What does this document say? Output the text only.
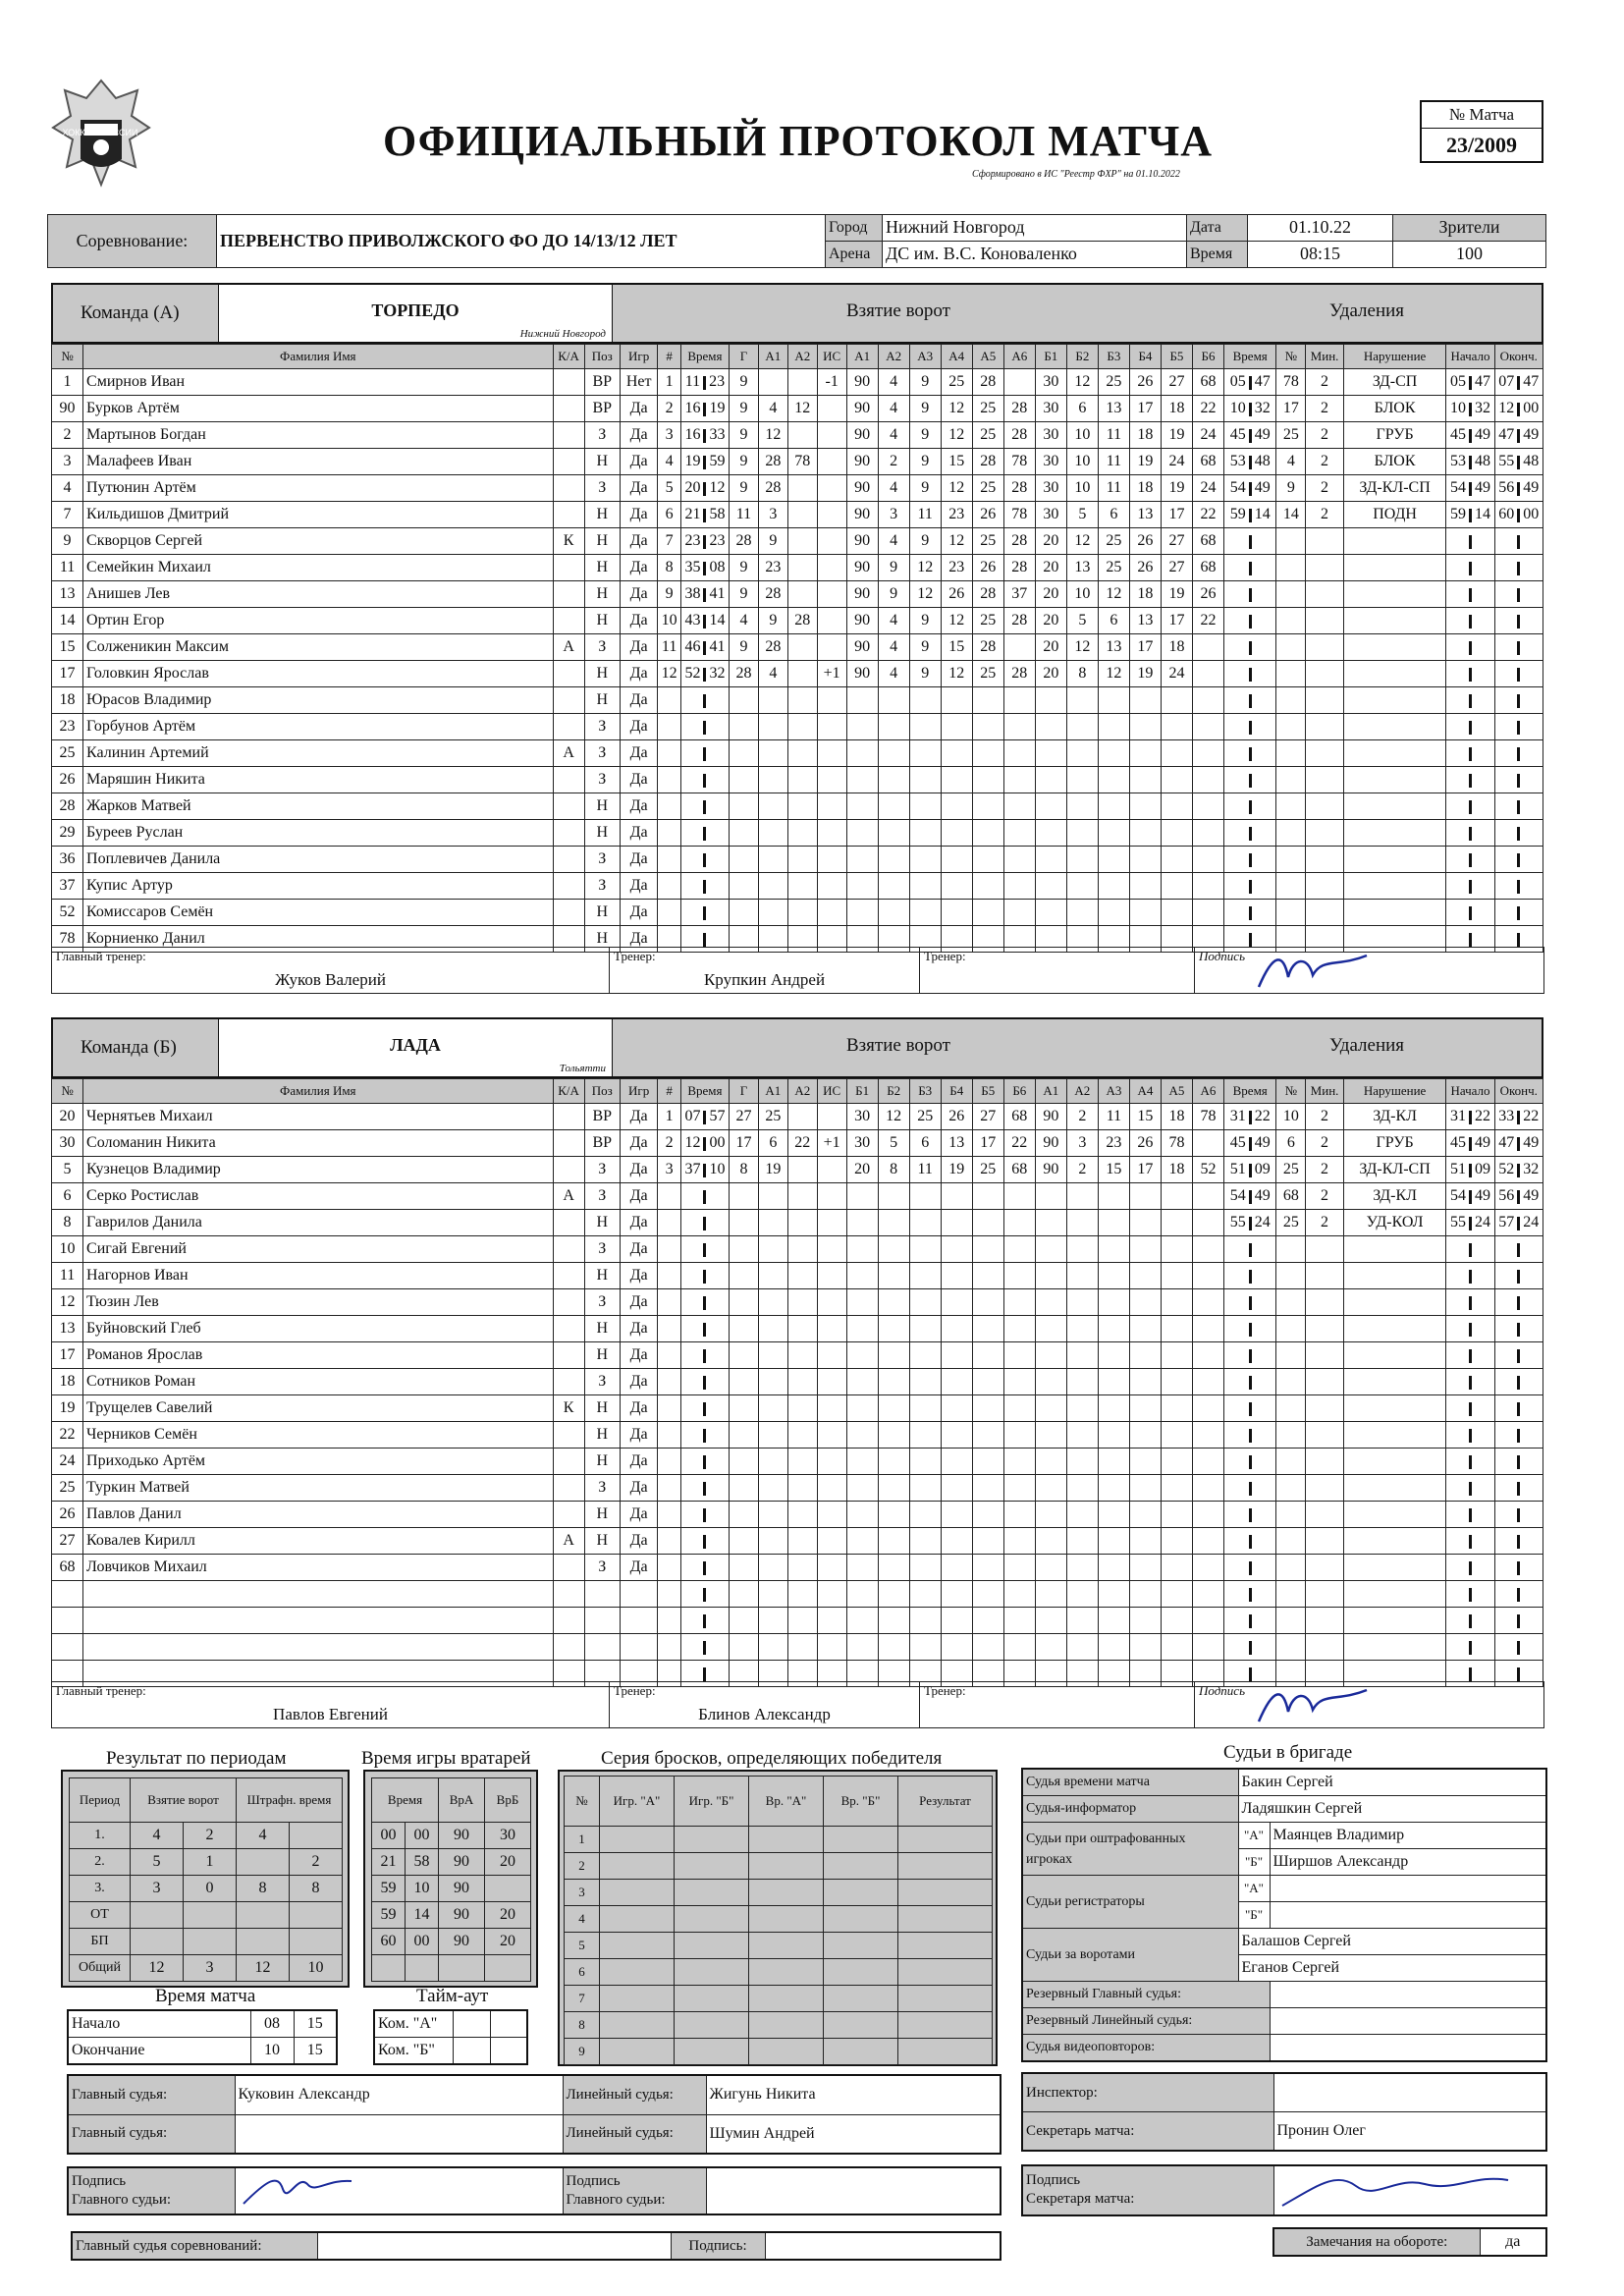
ХОККЕЙ РОССИИ	ОФИЦИАЛЬНЫЙ ПРОТОКОЛ МАТЧА
Сформировано в ИС "Реестр ФХР" на 01.10.2022
№ Матча
23/2009
Соревнование:	ПЕРВЕНСТВО ПРИВОЛЖСКОГО ФО ДО 14/13/12 ЛЕТ	Город	Нижний Новгород	Дата	01.10.22	Зрители
		Арена	ДС им. В.С. Коноваленко	Время	08:15	100
Команда (А)	ТОРПЕДО
Нижний Новгород
Взятие ворот	Удаления
№	Фамилия Имя	К/А	Поз	Игр	#	Время	Г	А1	А2	ИС	А1	А2	А3	А4	А5	А6	Б1	Б2	Б3	Б4	Б5	Б6	Время	№	Мин.	Нарушение	Начало	Оконч.
1	Смирнов Иван		ВР	Нет	1	11 23	9			-1	90	4	9	25	28		30	12	25	26	27	68	05 47	78	2	ЗД-СП	05 47	07 47
90	Бурков Артём		ВР	Да	2	16 19	9	4	12		90	4	9	12	25	28	30	6	13	17	18	22	10 32	17	2	БЛОК	10 32	12 00
2	Мартынов Богдан		З	Да	3	16 33	9	12			90	4	9	12	25	28	30	10	11	18	19	24	45 49	25	2	ГРУБ	45 49	47 49
3	Малафеев Иван		Н	Да	4	19 59	9	28	78		90	2	9	15	28	78	30	10	11	19	24	68	53 48	4	2	БЛОК	53 48	55 48
4	Путюнин Артём		З	Да	5	20 12	9	28			90	4	9	12	25	28	30	10	11	18	19	24	54 49	9	2	ЗД-КЛ-СП	54 49	56 49
7	Кильдишов Дмитрий		Н	Да	6	21 58	11	3			90	3	11	23	26	78	30	5	6	13	17	22	59 14	14	2	ПОДН	59 14	60 00
9	Скворцов Сергей	К	Н	Да	7	23 23	28	9			90	4	9	12	25	28	20	12	25	26	27	68						
11	Семейкин Михаил		Н	Да	8	35 08	9	23			90	9	12	23	26	28	20	13	25	26	27	68						
13	Анишев Лев		Н	Да	9	38 41	9	28			90	9	12	26	28	37	20	10	12	18	19	26						
14	Ортин Егор		Н	Да	10	43 14	4	9	28		90	4	9	12	25	28	20	5	6	13	17	22						
15	Солженикин Максим	А	З	Да	11	46 41	9	28			90	4	9	15	28		20	12	13	17	18							
17	Головкин Ярослав		Н	Да	12	52 32	28	4		+1	90	4	9	12	25	28	20	8	12	19	24							
18	Юрасов Владимир		Н	Да																								
23	Горбунов Артём		З	Да																								
25	Калинин Артемий	А	З	Да																								
26	Маряшин Никита		З	Да																								
28	Жарков Матвей		Н	Да																								
29	Буреев Руслан		Н	Да																								
36	Поплевичев Данила		З	Да																								
37	Купис Артур		З	Да																								
52	Комиссаров Семён		Н	Да																								
78	Корниенко Данил		Н	Да																								
Главный тренер:
Жуков Валерий

Тренер:
Крупкин Андрей

Тренер:	Подпись
Команда (Б)	ЛАДА
Тольятти
Взятие ворот	Удаления
№	Фамилия Имя	К/А	Поз	Игр	#	Время	Г	А1	А2	ИС	Б1	Б2	Б3	Б4	Б5	Б6	А1	А2	А3	А4	А5	А6	Время	№	Мин.	Нарушение	Начало	Оконч.
20	Чернятьев Михаил		ВР	Да	1	07 57	27	25			30	12	25	26	27	68	90	2	11	15	18	78	31 22	10	2	ЗД-КЛ	31 22	33 22
30	Соломанин Никита		ВР	Да	2	12 00	17	6	22	+1	30	5	6	13	17	22	90	3	23	26	78		45 49	6	2	ГРУБ	45 49	47 49
5	Кузнецов Владимир		З	Да	3	37 10	8	19			20	8	11	19	25	68	90	2	15	17	18	52	51 09	25	2	ЗД-КЛ-СП	51 09	52 32
6	Серко Ростислав	А	З	Да																			54 49	68	2	ЗД-КЛ	54 49	56 49
8	Гаврилов Данила		Н	Да																			55 24	25	2	УД-КОЛ	55 24	57 24
10	Сигай Евгений		З	Да																								
11	Нагорнов Иван		Н	Да																								
12	Тюзин Лев		З	Да																								
13	Буйновский Глеб		Н	Да																								
17	Романов Ярослав		Н	Да																								
18	Сотников Роман		З	Да																								
19	Трущелев Савелий	К	Н	Да																								
22	Черников Семён		Н	Да																								
24	Приходько Артём		Н	Да																								
25	Туркин Матвей		З	Да																								
26	Павлов Данил		Н	Да																								
27	Ковалев Кирилл	А	Н	Да																								
68	Ловчиков Михаил		З	Да																								

Главный тренер:
Павлов Евгений

Тренер:
Блинов Александр

Тренер:	Подпись
Результат по периодам	Время игры вратарей	Серия бросков, определяющих победителя	Судьи в бригаде
Период	Взятие ворот		Штрафн. время	
1.	4	2	4	
2.	5	1		2
3.	3	0	8	8
ОТ				
БП				
Общий	12	3	12	10
Время		ВрА	ВрБ
00	00	90	30
21	58	90	20
59	10	90	
59	14	90	20
60	00	90	20

Время матча
Начало	08	15
Окончание	10	15
Тайм-аут
Ком. "А"		
Ком. "Б"		
№	Игр. "А"	Игр. "Б"	Вр. "А"	Вр. "Б"	Результат
1					
2					
3					
4					
5					
6					
7					
8					
9					
Судья времени матча	Бакин Сергей	
Судья-информатор	Ладяшкин Сергей	
Судьи при оштрафованных игроках	"А"	Маянцев Владимир
	"Б"	Ширшов Александр
Судьи регистраторы	"А"	
	"Б"	
Судьи за воротами	Балашов Сергей	
	Еганов Сергей	
Резервный Главный судья:		
Резервный Линейный судья:		
Судья видеоповторов:		
Главный судья:	Куковин Александр	Линейный судья:	Жигунь Никита
Главный судья:		Линейный судья:	Шумин Андрей
Инспектор:	
Секретарь матча:	Пронин Олег
Подпись
Главного судьи:		Подпись
Главного судьи:	
Подпись
Секретаря матча:	
Главный судья соревнований:		Подпись:		Замечания на обороте:	да
